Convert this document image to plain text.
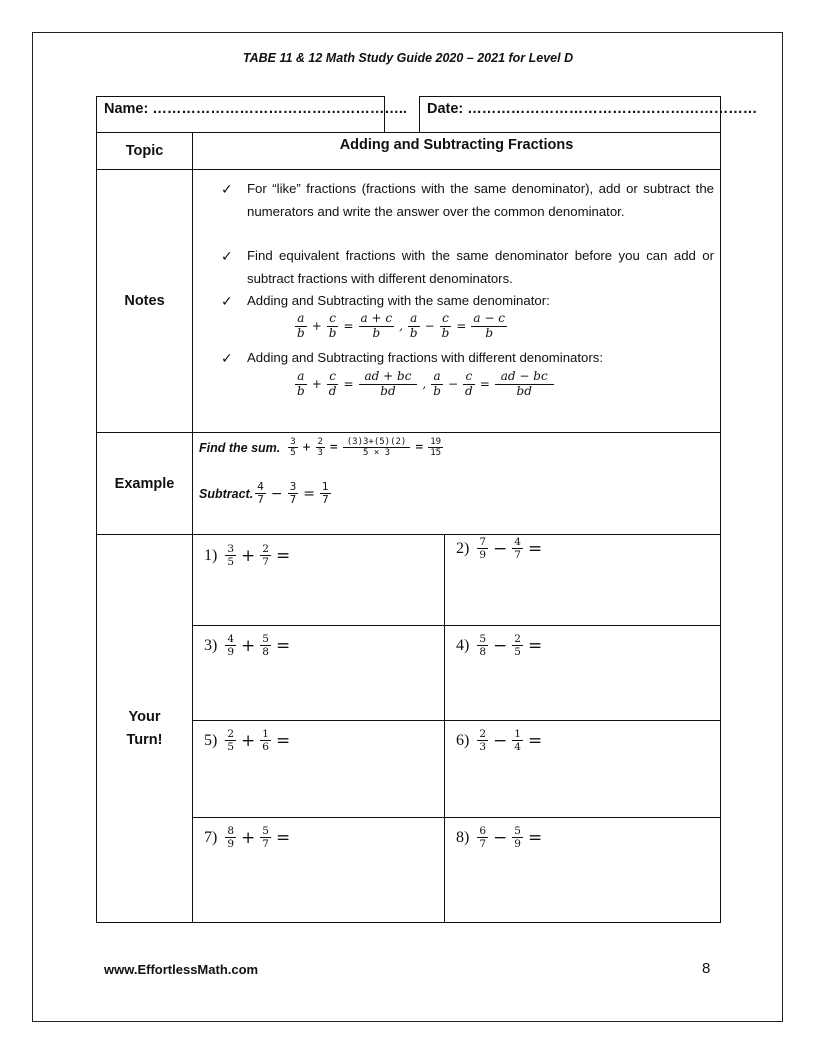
TABE 11 & 12 Math Study Guide 2020 – 2021 for Level D
Name: ……………………………………………..	Date: ……………………………………………………
Topic	Adding and Subtracting Fractions
Notes
✓ For “like” fractions (fractions with the same denominator), add or subtract the numerators and write the answer over the common denominator.
✓ Find equivalent fractions with the same denominator before you can add or subtract fractions with different denominators.
✓ Adding and Subtracting with the same denominator:
$\frac{a}{b} + \frac{c}{b} = \frac{a + c}{b}$ , $\frac{a}{b} - \frac{c}{b} = \frac{a - c}{b}$
✓ Adding and Subtracting fractions with different denominators:
$\frac{a}{b} + \frac{c}{d} = \frac{ad + bc}{bd}$ , $\frac{a}{b} - \frac{c}{d} = \frac{ad - bc}{bd}$
Example
Find the sum. $\frac{3}{5} + \frac{2}{3} = \frac{(3)3+(5)(2)}{5 \times 3} = \frac{19}{15}$
Subtract. $\frac{4}{7} - \frac{3}{7} = \frac{1}{7}$
Your
Turn!
$1) \frac{3}{5} + \frac{2}{7}$ =	$2) \frac{7}{9} - \frac{4}{7}$ =
$3) \frac{4}{9} + \frac{5}{8}$ =	$4) \frac{5}{8} - \frac{2}{5}$ =
$5) \frac{2}{5} + \frac{1}{6}$ =	$6) \frac{2}{3} - \frac{1}{4}$ =
$7) \frac{8}{9} + \frac{5}{7}$ =	$8) \frac{6}{7} - \frac{5}{9}$ =
www.EffortlessMath.com	8
